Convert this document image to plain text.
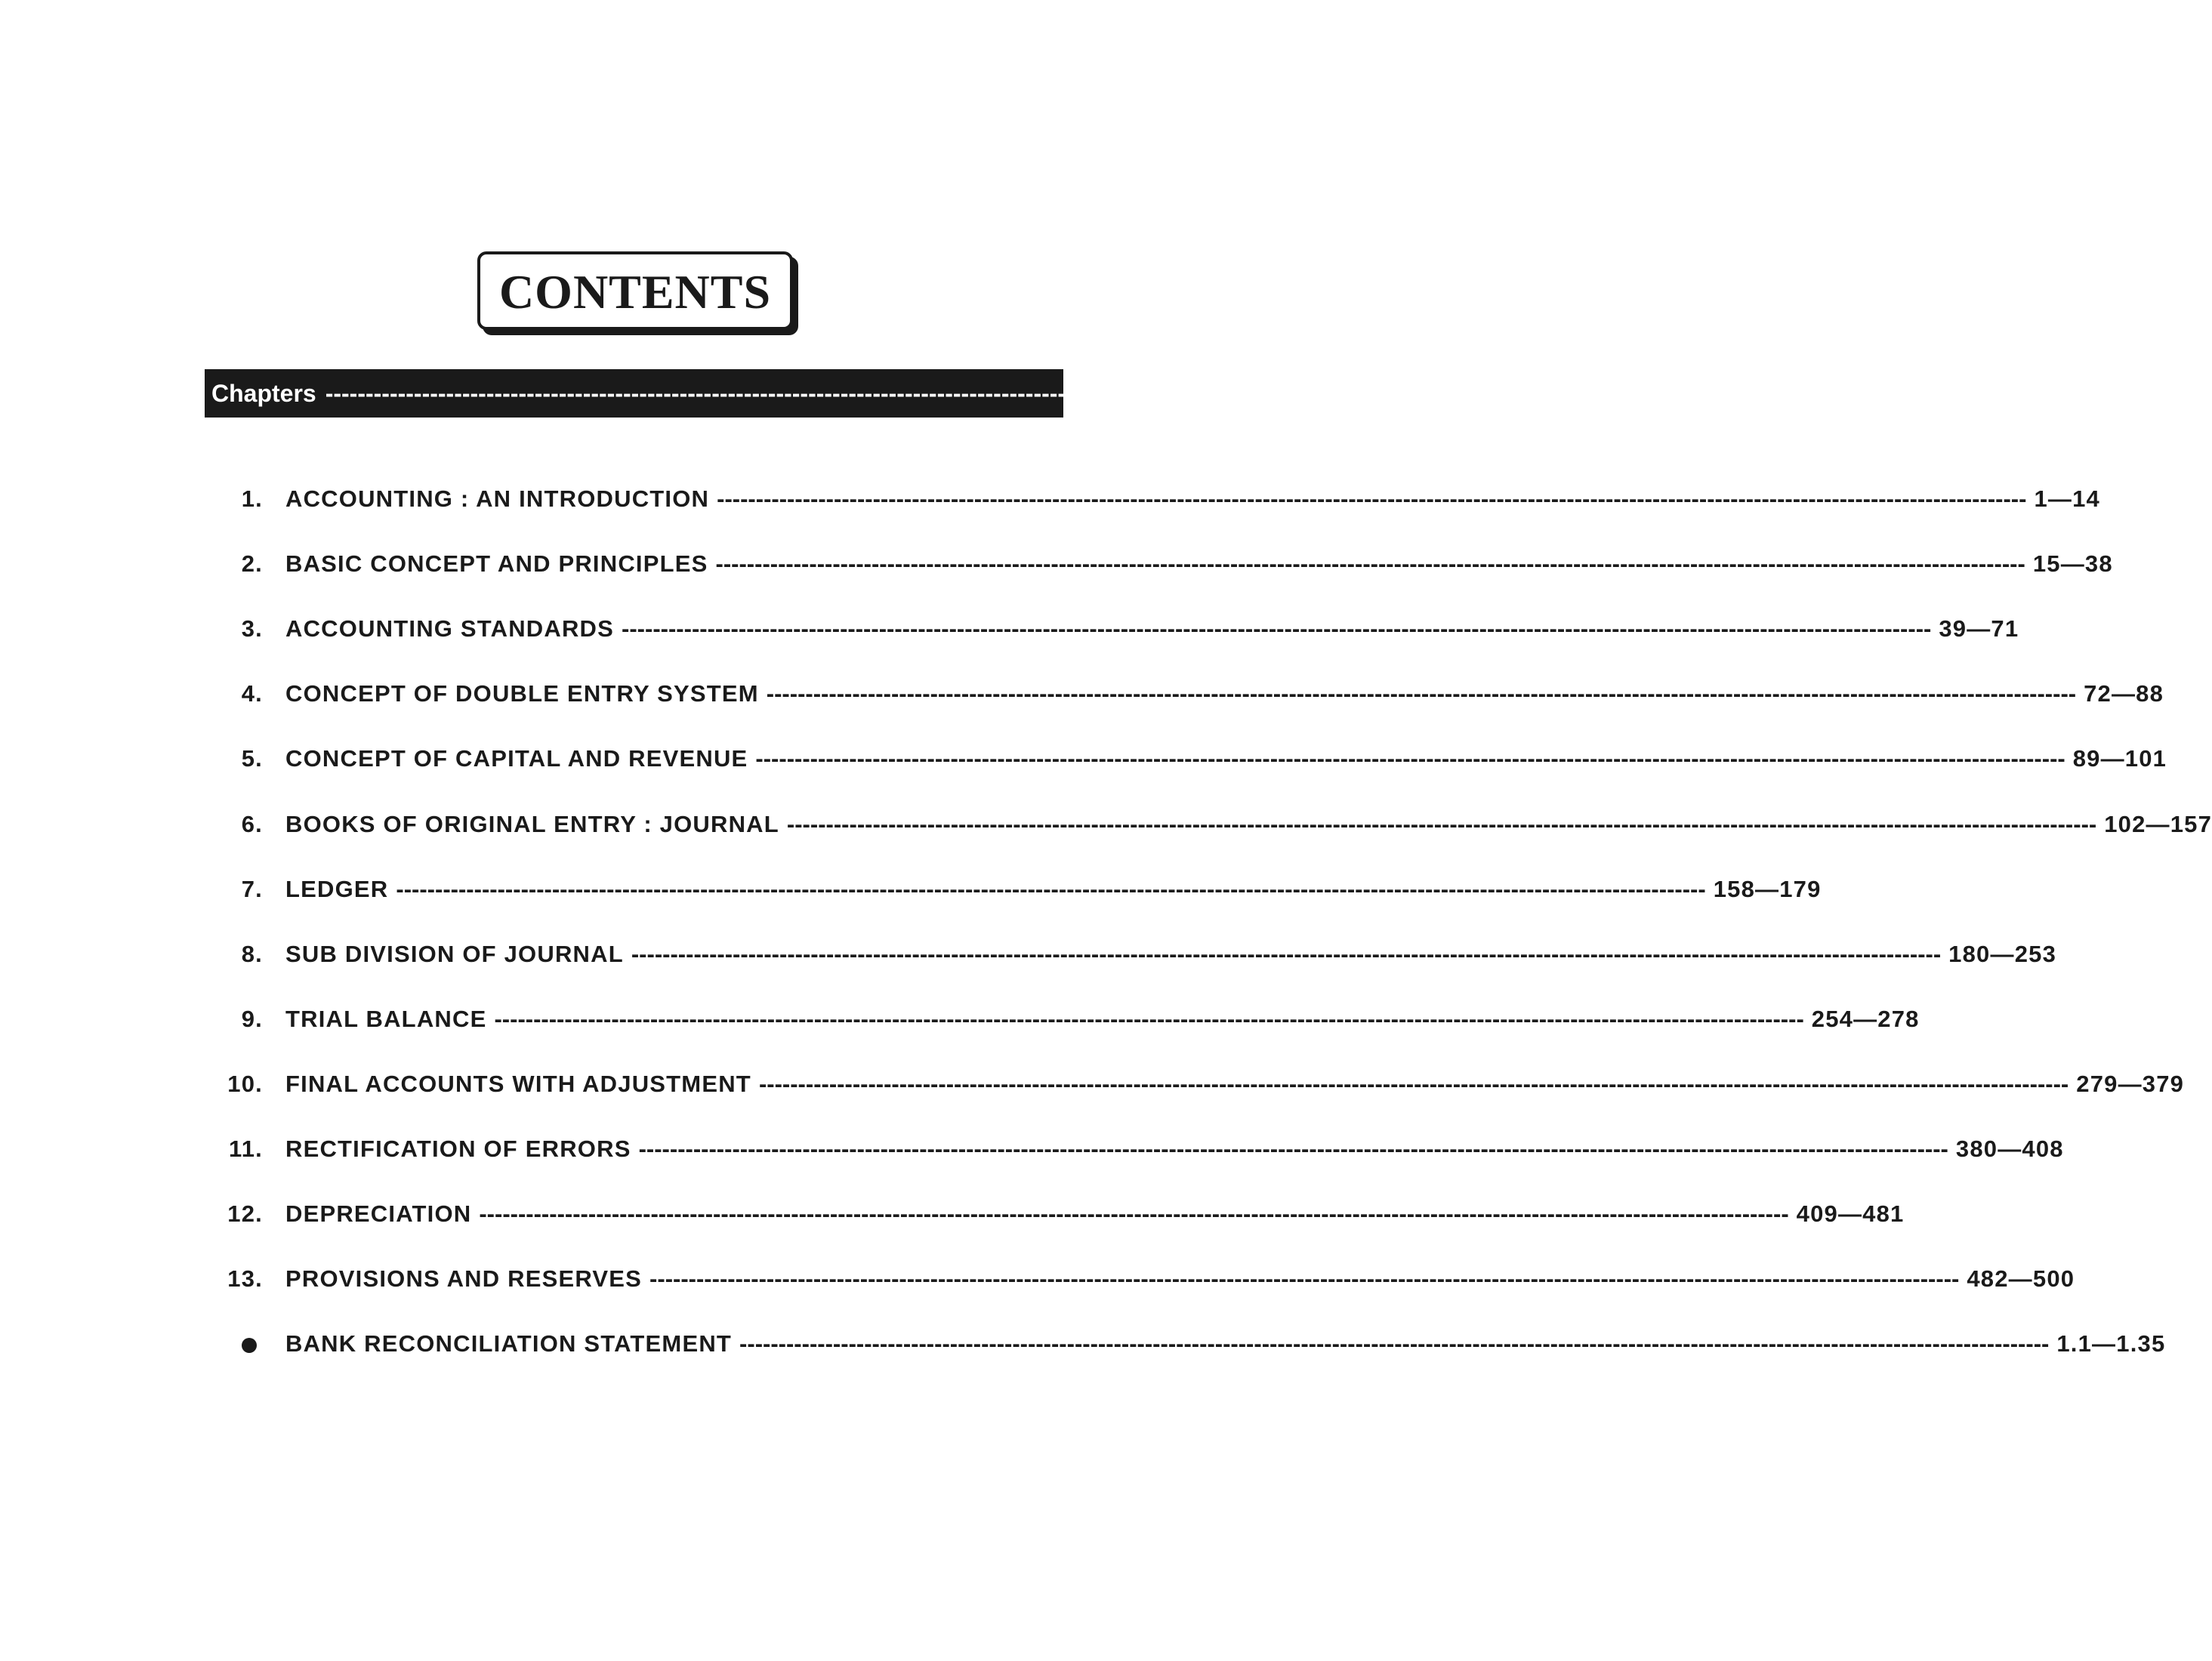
CONTENTS
Chapters ------------------------------------------------------------------------------------------------------------------------------------------------------------------------ Page No.
1. ACCOUNTING : AN INTRODUCTION ------------------------------------------------------------------------------------------------------------------------------------------------------------------------ 1—14
2. BASIC CONCEPT AND PRINCIPLES ------------------------------------------------------------------------------------------------------------------------------------------------------------------------ 15—38
3. ACCOUNTING STANDARDS ------------------------------------------------------------------------------------------------------------------------------------------------------------------------ 39—71
4. CONCEPT OF DOUBLE ENTRY SYSTEM ------------------------------------------------------------------------------------------------------------------------------------------------------------------------ 72—88
5. CONCEPT OF CAPITAL AND REVENUE ------------------------------------------------------------------------------------------------------------------------------------------------------------------------ 89—101
6. BOOKS OF ORIGINAL ENTRY : JOURNAL ------------------------------------------------------------------------------------------------------------------------------------------------------------------------ 102—157
7. LEDGER ------------------------------------------------------------------------------------------------------------------------------------------------------------------------ 158—179
8. SUB DIVISION OF JOURNAL ------------------------------------------------------------------------------------------------------------------------------------------------------------------------ 180—253
9. TRIAL BALANCE ------------------------------------------------------------------------------------------------------------------------------------------------------------------------ 254—278
10. FINAL ACCOUNTS WITH ADJUSTMENT ------------------------------------------------------------------------------------------------------------------------------------------------------------------------ 279—379
11. RECTIFICATION OF ERRORS ------------------------------------------------------------------------------------------------------------------------------------------------------------------------ 380—408
12. DEPRECIATION ------------------------------------------------------------------------------------------------------------------------------------------------------------------------ 409—481
13. PROVISIONS AND RESERVES ------------------------------------------------------------------------------------------------------------------------------------------------------------------------ 482—500
BANK RECONCILIATION STATEMENT ------------------------------------------------------------------------------------------------------------------------------------------------------------------------ 1.1—1.35
